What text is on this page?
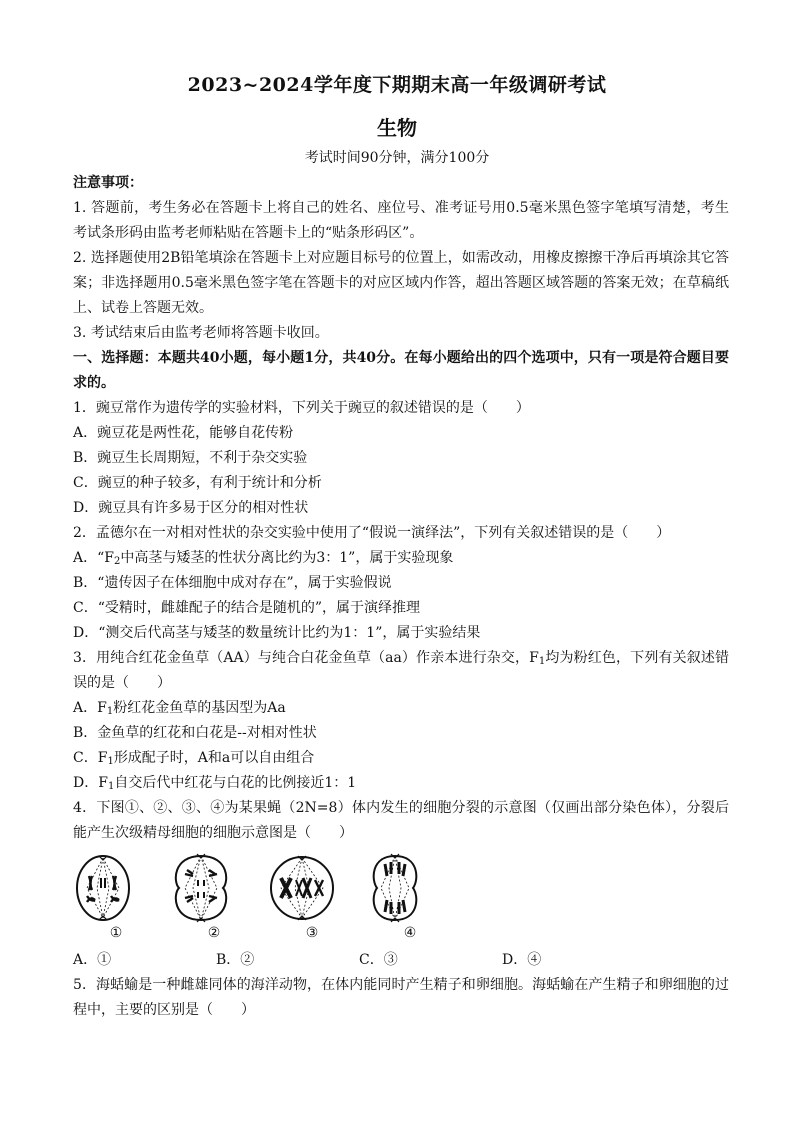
2023~2024学年度下期期末高一年级调研考试
生物
考试时间90分钟，满分100分

注意事项：

1. 答题前，考生务必在答题卡上将自己的姓名、座位号、准考证号用0.5毫米黑色签字笔填写清楚，考生考试条形码由监考老师粘贴在答题卡上的“贴条形码区”。

2. 选择题使用2B铅笔填涂在答题卡上对应题目标号的位置上，如需改动，用橡皮擦擦干净后再填涂其它答案；非选择题用0.5毫米黑色签字笔在答题卡的对应区域内作答，超出答题区域答题的答案无效；在草稿纸上、试卷上答题无效。

3. 考试结束后由监考老师将答题卡收回。

一、选择题：本题共40小题，每小题1分，共40分。在每小题给出的四个选项中，只有一项是符合题目要求的。

1．豌豆常作为遗传学的实验材料，下列关于豌豆的叙述错误的是（　　）

A．豌豆花是两性花，能够自花传粉

B．豌豆生长周期短，不利于杂交实验

C．豌豆的种子较多，有利于统计和分析

D．豌豆具有许多易于区分的相对性状

2．孟德尔在一对相对性状的杂交实验中使用了“假说一演绎法”，下列有关叙述错误的是（　　）

A．“$F_2$中高茎与矮茎的性状分离比约为3：1”，属于实验现象

B．“遗传因子在体细胞中成对存在”，属于实验假说

C．“受精时，雌雄配子的结合是随机的”，属于演绎推理

D．“测交后代高茎与矮茎的数量统计比约为1：1”，属于实验结果

3．用纯合红花金鱼草（AA）与纯合白花金鱼草（aa）作亲本进行杂交，$F_1$均为粉红色，下列有关叙述错误的是（　　）

A．$F_1$粉红花金鱼草的基因型为Aa

B．金鱼草的红花和白花是--对相对性状

C．$F_1$形成配子时，A和a可以自由组合

D．$F_1$自交后代中红花与白花的比例接近1：1

4．下图①、②、③、④为某果蝇（2N=8）体内发生的细胞分裂的示意图（仅画出部分染色体），分裂后能产生次级精母细胞的细胞示意图是（　　）

①	②	③	④
A．①	B．②	C．③	D．④

5．海蛞蝓是一种雌雄同体的海洋动物，在体内能同时产生精子和卵细胞。海蛞蝓在产生精子和卵细胞的过程中，主要的区别是（　　）
